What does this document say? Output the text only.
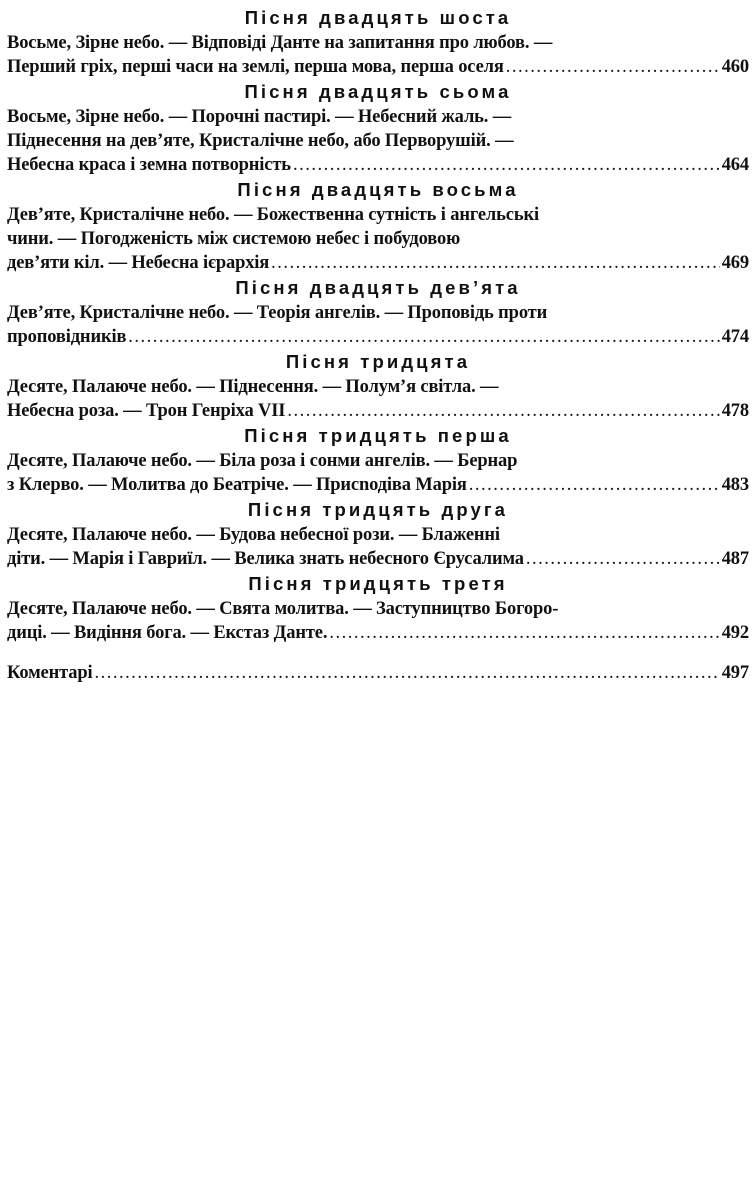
Пісня двадцять шоста
Восьме, Зірне небо. — Відповіді Данте на запитання про любов. —
Перший гріх, перші часи на землі, перша мова, перша оселя .....	460
Пісня двадцять сьома
Восьме, Зірне небо. — Порочні пастирі. — Небесний жаль. —
Піднесення на дев’яте, Кристалічне небо, або Перворушій. —
Небесна краса і земна потворність .....	464
Пісня двадцять восьма
Дев’яте, Кристалічне небо. — Божественна сутність і ангельські
чини. — Погодженість між системою небес і побудовою
дев’яти кіл. — Небесна ієрархія .....	469
Пісня двадцять дев’ята
Дев’яте, Кристалічне небо. — Теорія ангелів. — Проповідь проти
проповідників .....	474
Пісня тридцята
Десяте, Палаюче небо. — Піднесення. — Полум’я світла. —
Небесна роза. — Трон Генріха VII .....	478
Пісня тридцять перша
Десяте, Палаюче небо. — Біла роза і сонми ангелів. — Бернар
з Клерво. — Молитва до Беатріче. — Присnодіва Марія .....	483
Пісня тридцять друга
Десяте, Палаюче небо. — Будова небесної рози. — Блаженні
діти. — Марія і Гавриїл. — Велика знать небесного Єрусалима .....	487
Пісня тридцять третя
Десяте, Палаюче небо. — Свята молитва. — Заступництво Богоро-
диці. — Видіння бога. — Екстаз Данте. .....	492
Коментарі .....	497
